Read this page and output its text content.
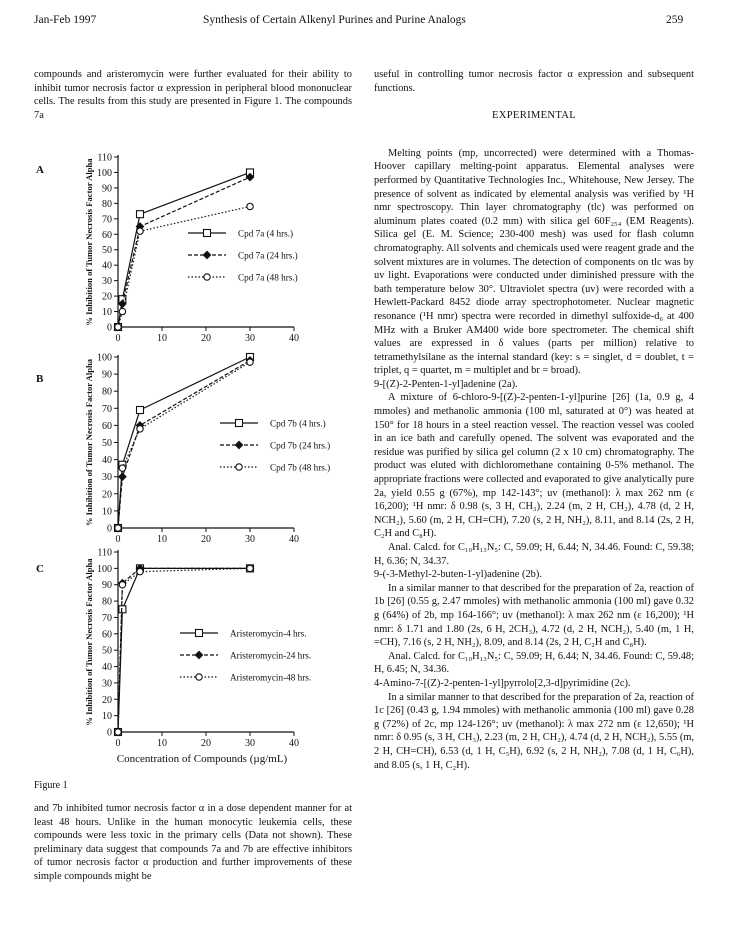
Jan-Feb 1997	Synthesis of Certain Alkenyl Purines and Purine Analogs	259

compounds and aristeromycin were further evaluated for their ability to inhibit tumor necrosis factor α expression in peripheral blood mononuclear cells. The results from this study are presented in Figure 1. The compounds 7a

A
B
C
0
10
20
30
40
50
60
70
80
90
100
110
0	10	20	30	40
% Inhibition of Tumor Necrosis Factor Alpha	Cpd 7a (4 hrs.)
Cpd 7a (24 hrs.)
Cpd 7a (48 hrs.)
0
10
20
30
40
50
60
70
80
90
100
0	10	20	30	40
% Inhibition of Tumor Necrosis Factor Alpha	Cpd 7b (4 hrs.)
Cpd 7b (24 hrs.)
Cpd 7b (48 hrs.)
0
10
20
30
40
50
60
70
80
90
100
110
0	10	20	30	40
% Inhibition of Tumor Necrosis Factor Alpha
Concentration of Compounds (µg/mL)
Aristeromycin-4 hrs.
Aristeromycin-24 hrs.
Aristeromycin-48 hrs.
Figure 1

and 7b inhibited tumor necrosis factor α in a dose dependent manner for at least 48 hours. Unlike in the human monocytic leukemia cells, these compounds were less toxic in the primary cells (Data not shown). These preliminary data suggest that compounds 7a and 7b are effective inhibitors of tumor necrosis factor α production and further improvements of these simple compounds might be

useful in controlling tumor necrosis factor α expression and subsequent functions.

EXPERIMENTAL

Melting points (mp, uncorrected) were determined with a Thomas-Hoover capillary melting-point apparatus. Elemental analyses were performed by Quantitative Technologies Inc., Whitehouse, New Jersey. The presence of solvent as indicated by elemental analysis was verified by ¹H nmr spectroscopy. Thin layer chromatography (tlc) was performed on aluminum plates coated (0.2 mm) with silica gel 60F₂₅₄ (EM Reagents). Silica gel (E. M. Science; 230-400 mesh) was used for flash column chromatography. All solvents and chemicals used were reagent grade and the solvent mixtures are in volumes. The detection of components on tlc was by uv light. Evaporations were conducted under diminished pressure with the bath temperature below 30°. Ultraviolet spectra (uv) were recorded with a Hewlett-Packard 8452 diode array spectrophotometer. Nuclear magnetic resonance (¹H nmr) spectra were recorded in dimethyl sulfoxide-d₆ at 400 MHz with a Bruker AM400 wide bore spectrometer. The chemical shift values are expressed in δ values (parts per million) relative to tetramethylsilane as the internal standard (key: s = singlet, d = doublet, t = triplet, q = quartet, m = multiplet and br = broad).

9-[(Z)-2-Penten-1-yl]adenine (2a).

A mixture of 6-chloro-9-[(Z)-2-penten-1-yl]purine [26] (1a, 0.9 g, 4 mmoles) and methanolic ammonia (100 ml, saturated at 0°) was heated at 150° for 18 hours in a steel reaction vessel. The reaction vessel was cooled in an ice bath and carefully opened. The solvent was evaporated and the residue was purified by silica gel column (2 x 10 cm) chromatography. The product was eluted with dichloromethane containing 0-5% methanol. The appropriate fractions were collected and evaporated to give analytically pure 2a, yield 0.55 g (67%), mp 142-143°; uv (methanol): λ max 262 nm (ε 16,200); ¹H nmr: δ 0.98 (s, 3 H, CH₃), 2.24 (m, 2 H, CH₂), 4.78 (d, 2 H, NCH₂), 5.60 (m, 2 H, CH=CH), 7.20 (s, 2 H, NH₂), 8.11, and 8.14 (2s, 2 H, C₂H and C₈H).

Anal. Calcd. for C₁₀H₁₃N₅: C, 59.09; H, 6.44; N, 34.46. Found: C, 59.38; H, 6.36; N, 34.37.

9-(-3-Methyl-2-buten-1-yl)adenine (2b).

In a similar manner to that described for the preparation of 2a, reaction of 1b [26] (0.55 g, 2.47 mmoles) with methanolic ammonia (100 ml) gave 0.32 g (64%) of 2b, mp 164-166°; uv (methanol): λ max 262 nm (ε 16,200); ¹H nmr: δ 1.71 and 1.80 (2s, 6 H, 2CH₃), 4.72 (d, 2 H, NCH₂), 5.40 (m, 1 H, =CH), 7.16 (s, 2 H, NH₂), 8.09, and 8.14 (2s, 2 H, C₂H and C₈H).

Anal. Calcd. for C₁₀H₁₃N₅: C, 59.09; H, 6.44; N, 34.46. Found: C, 59.48; H, 6.45; N, 34.36.

4-Amino-7-[(Z)-2-penten-1-yl]pyrrolo[2,3-d]pyrimidine (2c).

In a similar manner to that described for the preparation of 2a, reaction of 1c [26] (0.43 g, 1.94 mmoles) with methanolic ammonia (100 ml) gave 0.28 g (72%) of 2c, mp 124-126°; uv (methanol): λ max 272 nm (ε 12,650); ¹H nmr: δ 0.95 (s, 3 H, CH₃), 2.23 (m, 2 H, CH₂), 4.74 (d, 2 H, NCH₂), 5.55 (m, 2 H, CH=CH), 6.53 (d, 1 H, C₅H), 6.92 (s, 2 H, NH₂), 7.08 (d, 1 H, C₆H), and 8.05 (s, 1 H, C₂H).
